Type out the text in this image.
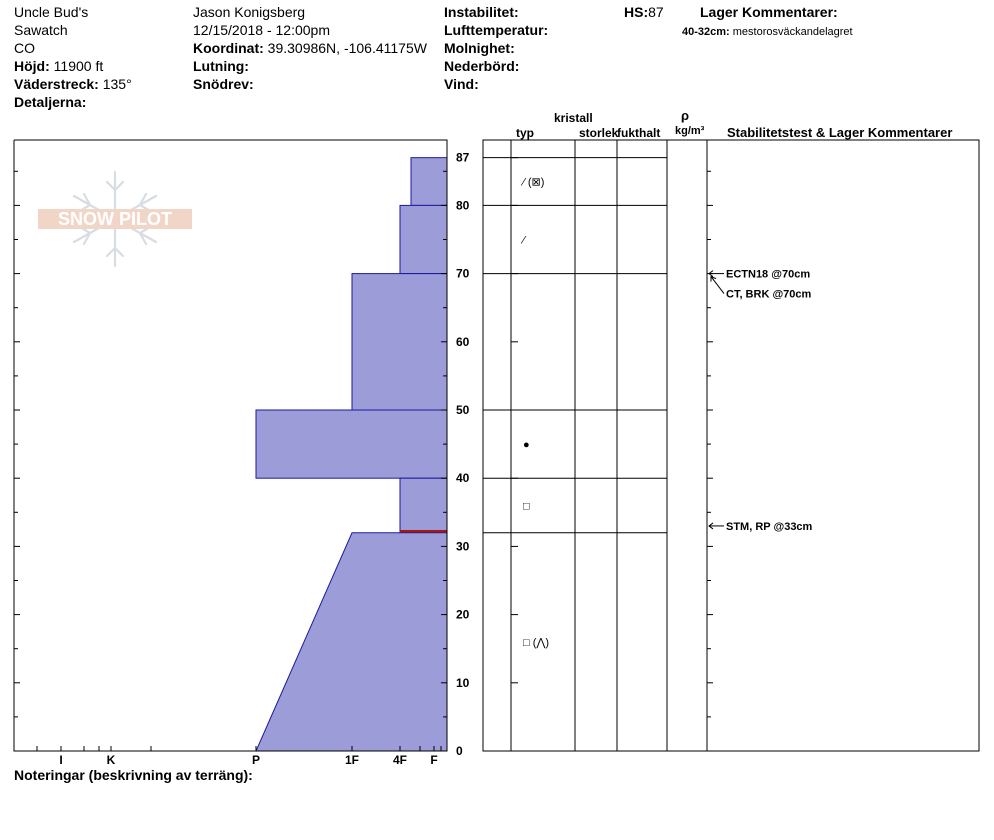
Uncle Bud's
Sawatch
CO
Höjd: 11900 ft
Väderstreck: 135°
Detaljerna:
Jason Konigsberg
12/15/2018 - 12:00pm
Koordinat: 39.30986N, -106.41175W
Lutning:
Snödrev:
Instabilitet:
Lufttemperatur:
Molnighet:
Nederbörd:
Vind:
HS:87	Lager Kommentarer:
40-32cm: mestorosväckandelagret
kristall
typ	storlek
fukthalt
ρ
kg/m³ Stabilitetstest & Lager Kommentarer
0
10
20
30
40
50
60
70
80
87
I	K	P	1F	4F F
⁄ (⊠)
⁄
●
□
□ (⋀)
ECTN18 @70cm
CT, BRK @70cm
STM, RP @33cm
SNOW PILOT
Noteringar (beskrivning av terräng):
